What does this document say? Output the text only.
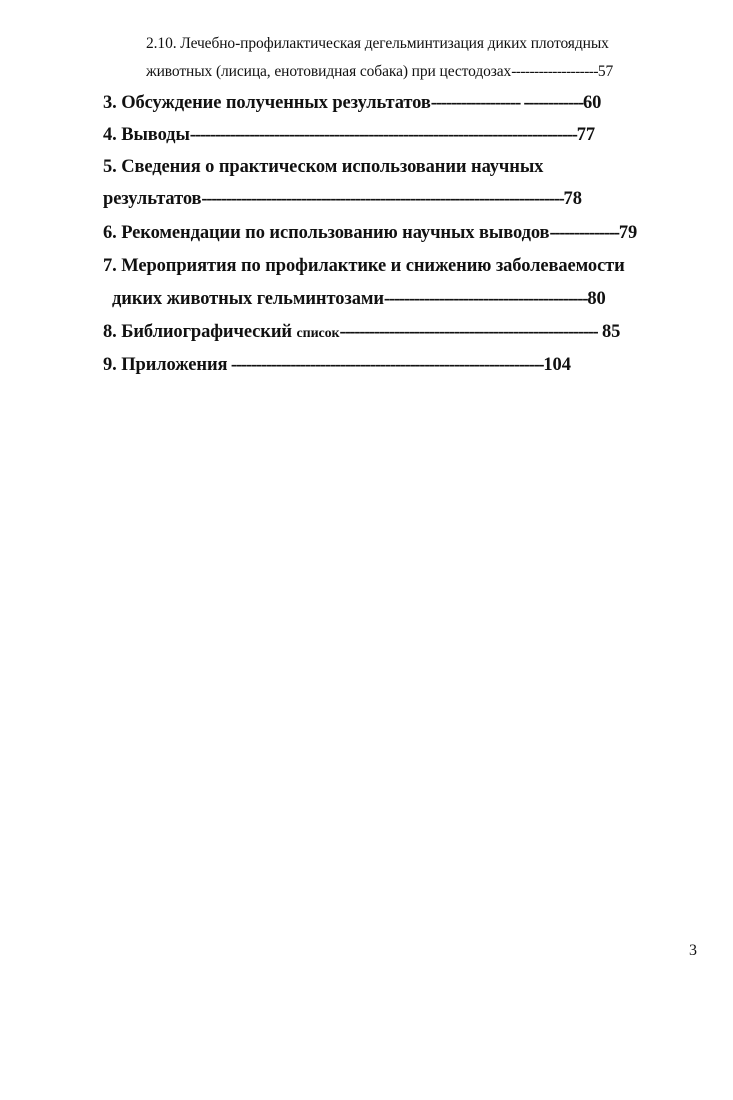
2.10. Лечебно-профилактическая дегельминтизация диких плотоядных
животных (лисица, енотовидная собака) при цестодозах-------------------57
3. Обсуждение полученных результатов------------------ ------------60
4. Выводы------------------------------------------------------------------------------77
5. Сведения о практическом использовании научных
результатов-------------------------------------------------------------------------78
6. Рекомендации по использованию научных выводов--------------79
7. Мероприятия по профилактике и снижению заболеваемости
диких животных гельминтозами-----------------------------------------80
8. Библиографический список---------------------------------------------------- 85
9. Приложения ---------------------------------------------------------------104
3
